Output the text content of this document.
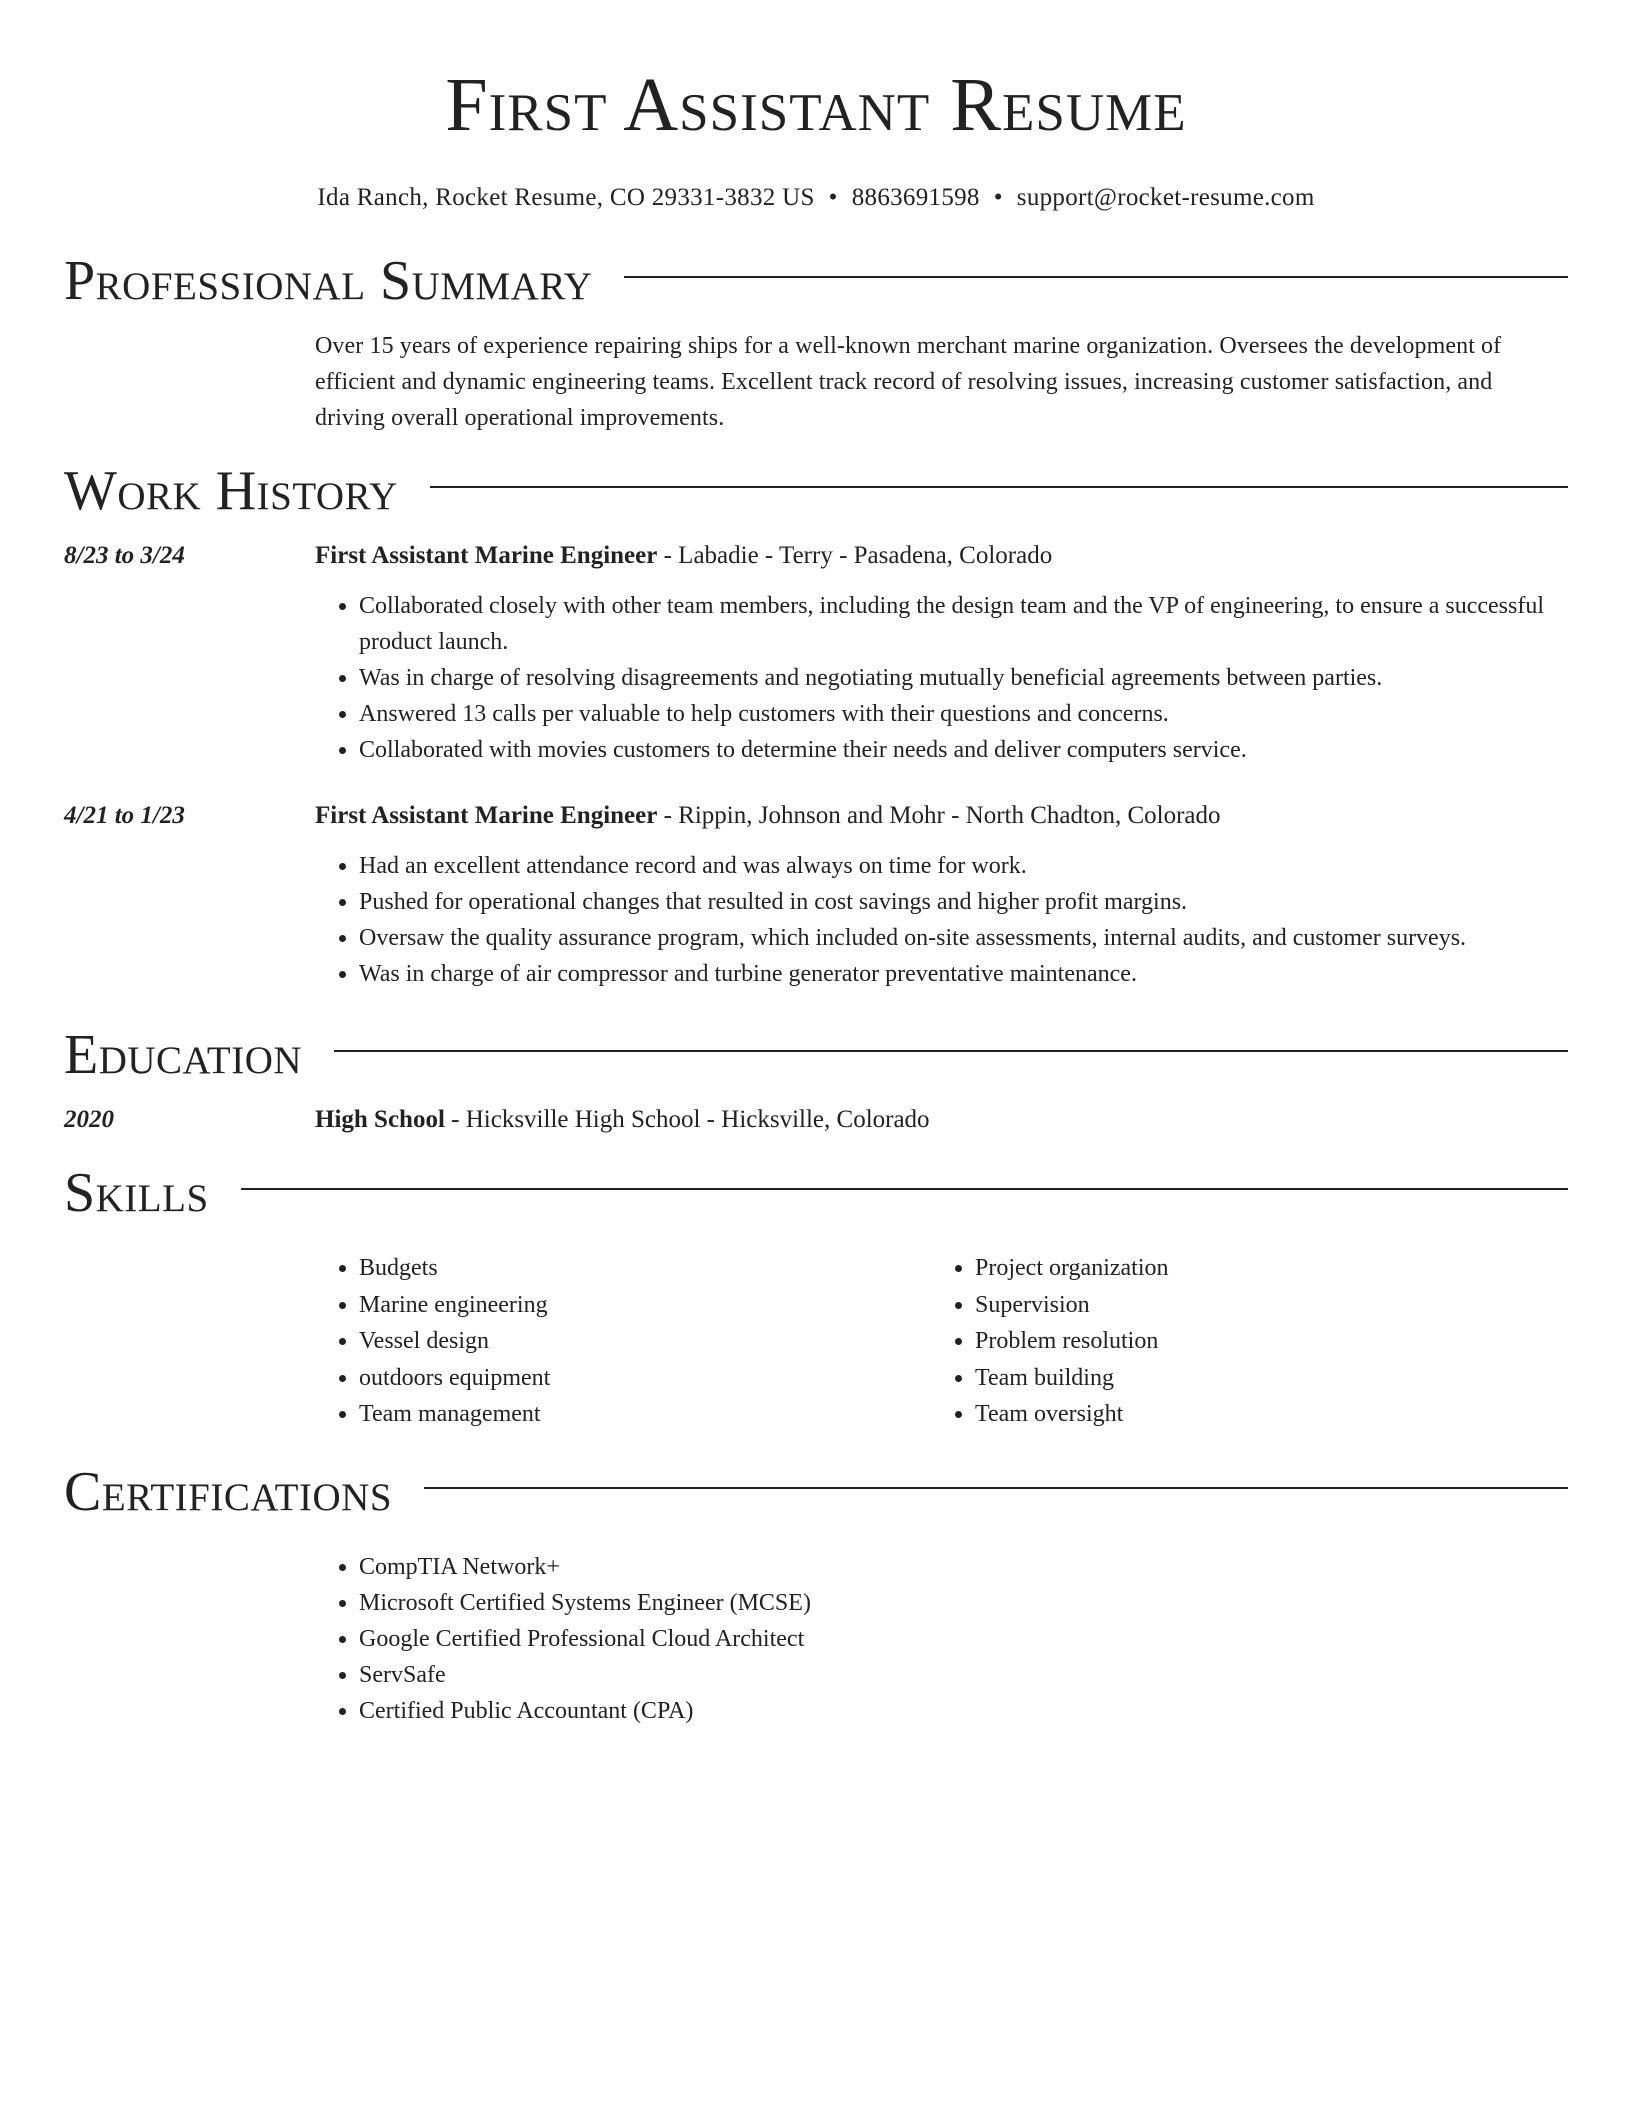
First Assistant Resume
Ida Ranch, Rocket Resume, CO 29331-3832 US • 8863691598 • support@rocket-resume.com
Professional Summary
Over 15 years of experience repairing ships for a well-known merchant marine organization. Oversees the development of efficient and dynamic engineering teams. Excellent track record of resolving issues, increasing customer satisfaction, and driving overall operational improvements.
Work History
8/23 to 3/24	First Assistant Marine Engineer - Labadie - Terry - Pasadena, Colorado
• Collaborated closely with other team members, including the design team and the VP of engineering, to ensure a successful product launch.
• Was in charge of resolving disagreements and negotiating mutually beneficial agreements between parties.
• Answered 13 calls per valuable to help customers with their questions and concerns.
• Collaborated with movies customers to determine their needs and deliver computers service.
4/21 to 1/23	First Assistant Marine Engineer - Rippin, Johnson and Mohr - North Chadton, Colorado
• Had an excellent attendance record and was always on time for work.
• Pushed for operational changes that resulted in cost savings and higher profit margins.
• Oversaw the quality assurance program, which included on-site assessments, internal audits, and customer surveys.
• Was in charge of air compressor and turbine generator preventative maintenance.
Education
2020	High School - Hicksville High School - Hicksville, Colorado
Skills
• Budgets
• Marine engineering
• Vessel design
• outdoors equipment
• Team management
• Project organization
• Supervision
• Problem resolution
• Team building
• Team oversight
Certifications
• CompTIA Network+
• Microsoft Certified Systems Engineer (MCSE)
• Google Certified Professional Cloud Architect
• ServSafe
• Certified Public Accountant (CPA)
